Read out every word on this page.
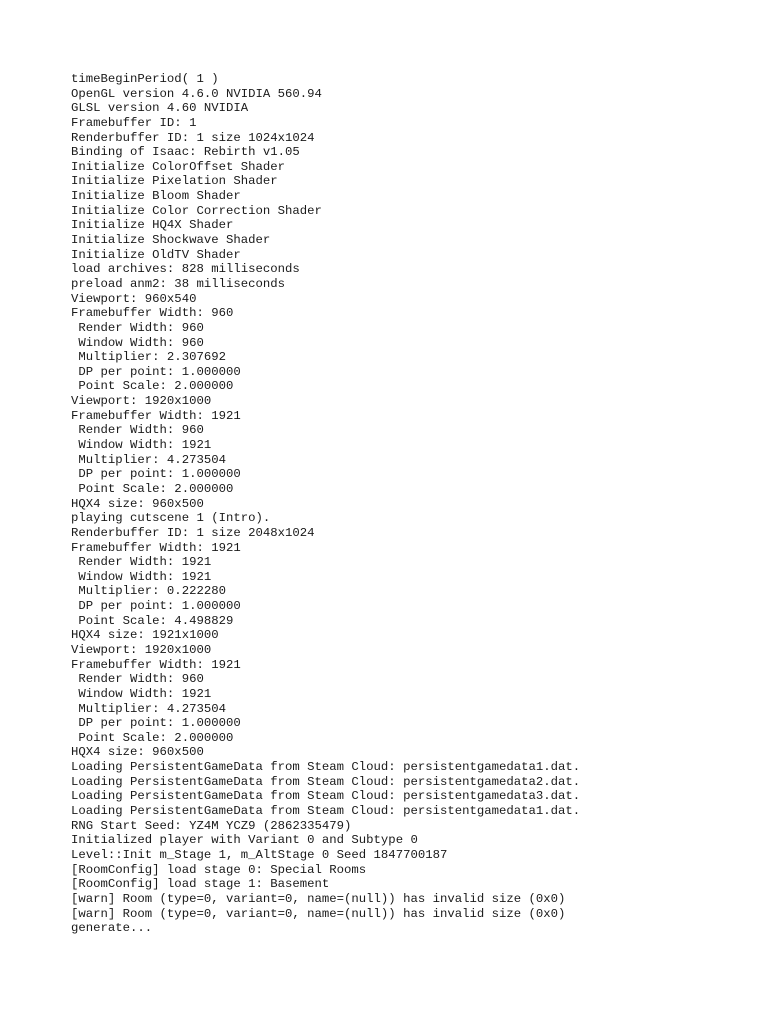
timeBeginPeriod( 1 )
OpenGL version 4.6.0 NVIDIA 560.94
GLSL version 4.60 NVIDIA
Framebuffer ID: 1
Renderbuffer ID: 1 size 1024x1024
Binding of Isaac: Rebirth v1.05
Initialize ColorOffset Shader
Initialize Pixelation Shader
Initialize Bloom Shader
Initialize Color Correction Shader
Initialize HQ4X Shader
Initialize Shockwave Shader
Initialize OldTV Shader
load archives: 828 milliseconds
preload anm2: 38 milliseconds
Viewport: 960x540
Framebuffer Width: 960
Render Width: 960
Window Width: 960
Multiplier: 2.307692
DP per point: 1.000000
Point Scale: 2.000000
Viewport: 1920x1000
Framebuffer Width: 1921
Render Width: 960
Window Width: 1921
Multiplier: 4.273504
DP per point: 1.000000
Point Scale: 2.000000
HQX4 size: 960x500
playing cutscene 1 (Intro).
Renderbuffer ID: 1 size 2048x1024
Framebuffer Width: 1921
Render Width: 1921
Window Width: 1921
Multiplier: 0.222280
DP per point: 1.000000
Point Scale: 4.498829
HQX4 size: 1921x1000
Viewport: 1920x1000
Framebuffer Width: 1921
Render Width: 960
Window Width: 1921
Multiplier: 4.273504
DP per point: 1.000000
Point Scale: 2.000000
HQX4 size: 960x500
Loading PersistentGameData from Steam Cloud: persistentgamedata1.dat.
Loading PersistentGameData from Steam Cloud: persistentgamedata2.dat.
Loading PersistentGameData from Steam Cloud: persistentgamedata3.dat.
Loading PersistentGameData from Steam Cloud: persistentgamedata1.dat.
RNG Start Seed: YZ4M YCZ9 (2862335479)
Initialized player with Variant 0 and Subtype 0
Level::Init m_Stage 1, m_AltStage 0 Seed 1847700187
[RoomConfig] load stage 0: Special Rooms
[RoomConfig] load stage 1: Basement
[warn] Room (type=0, variant=0, name=(null)) has invalid size (0x0)
[warn] Room (type=0, variant=0, name=(null)) has invalid size (0x0)
generate...
